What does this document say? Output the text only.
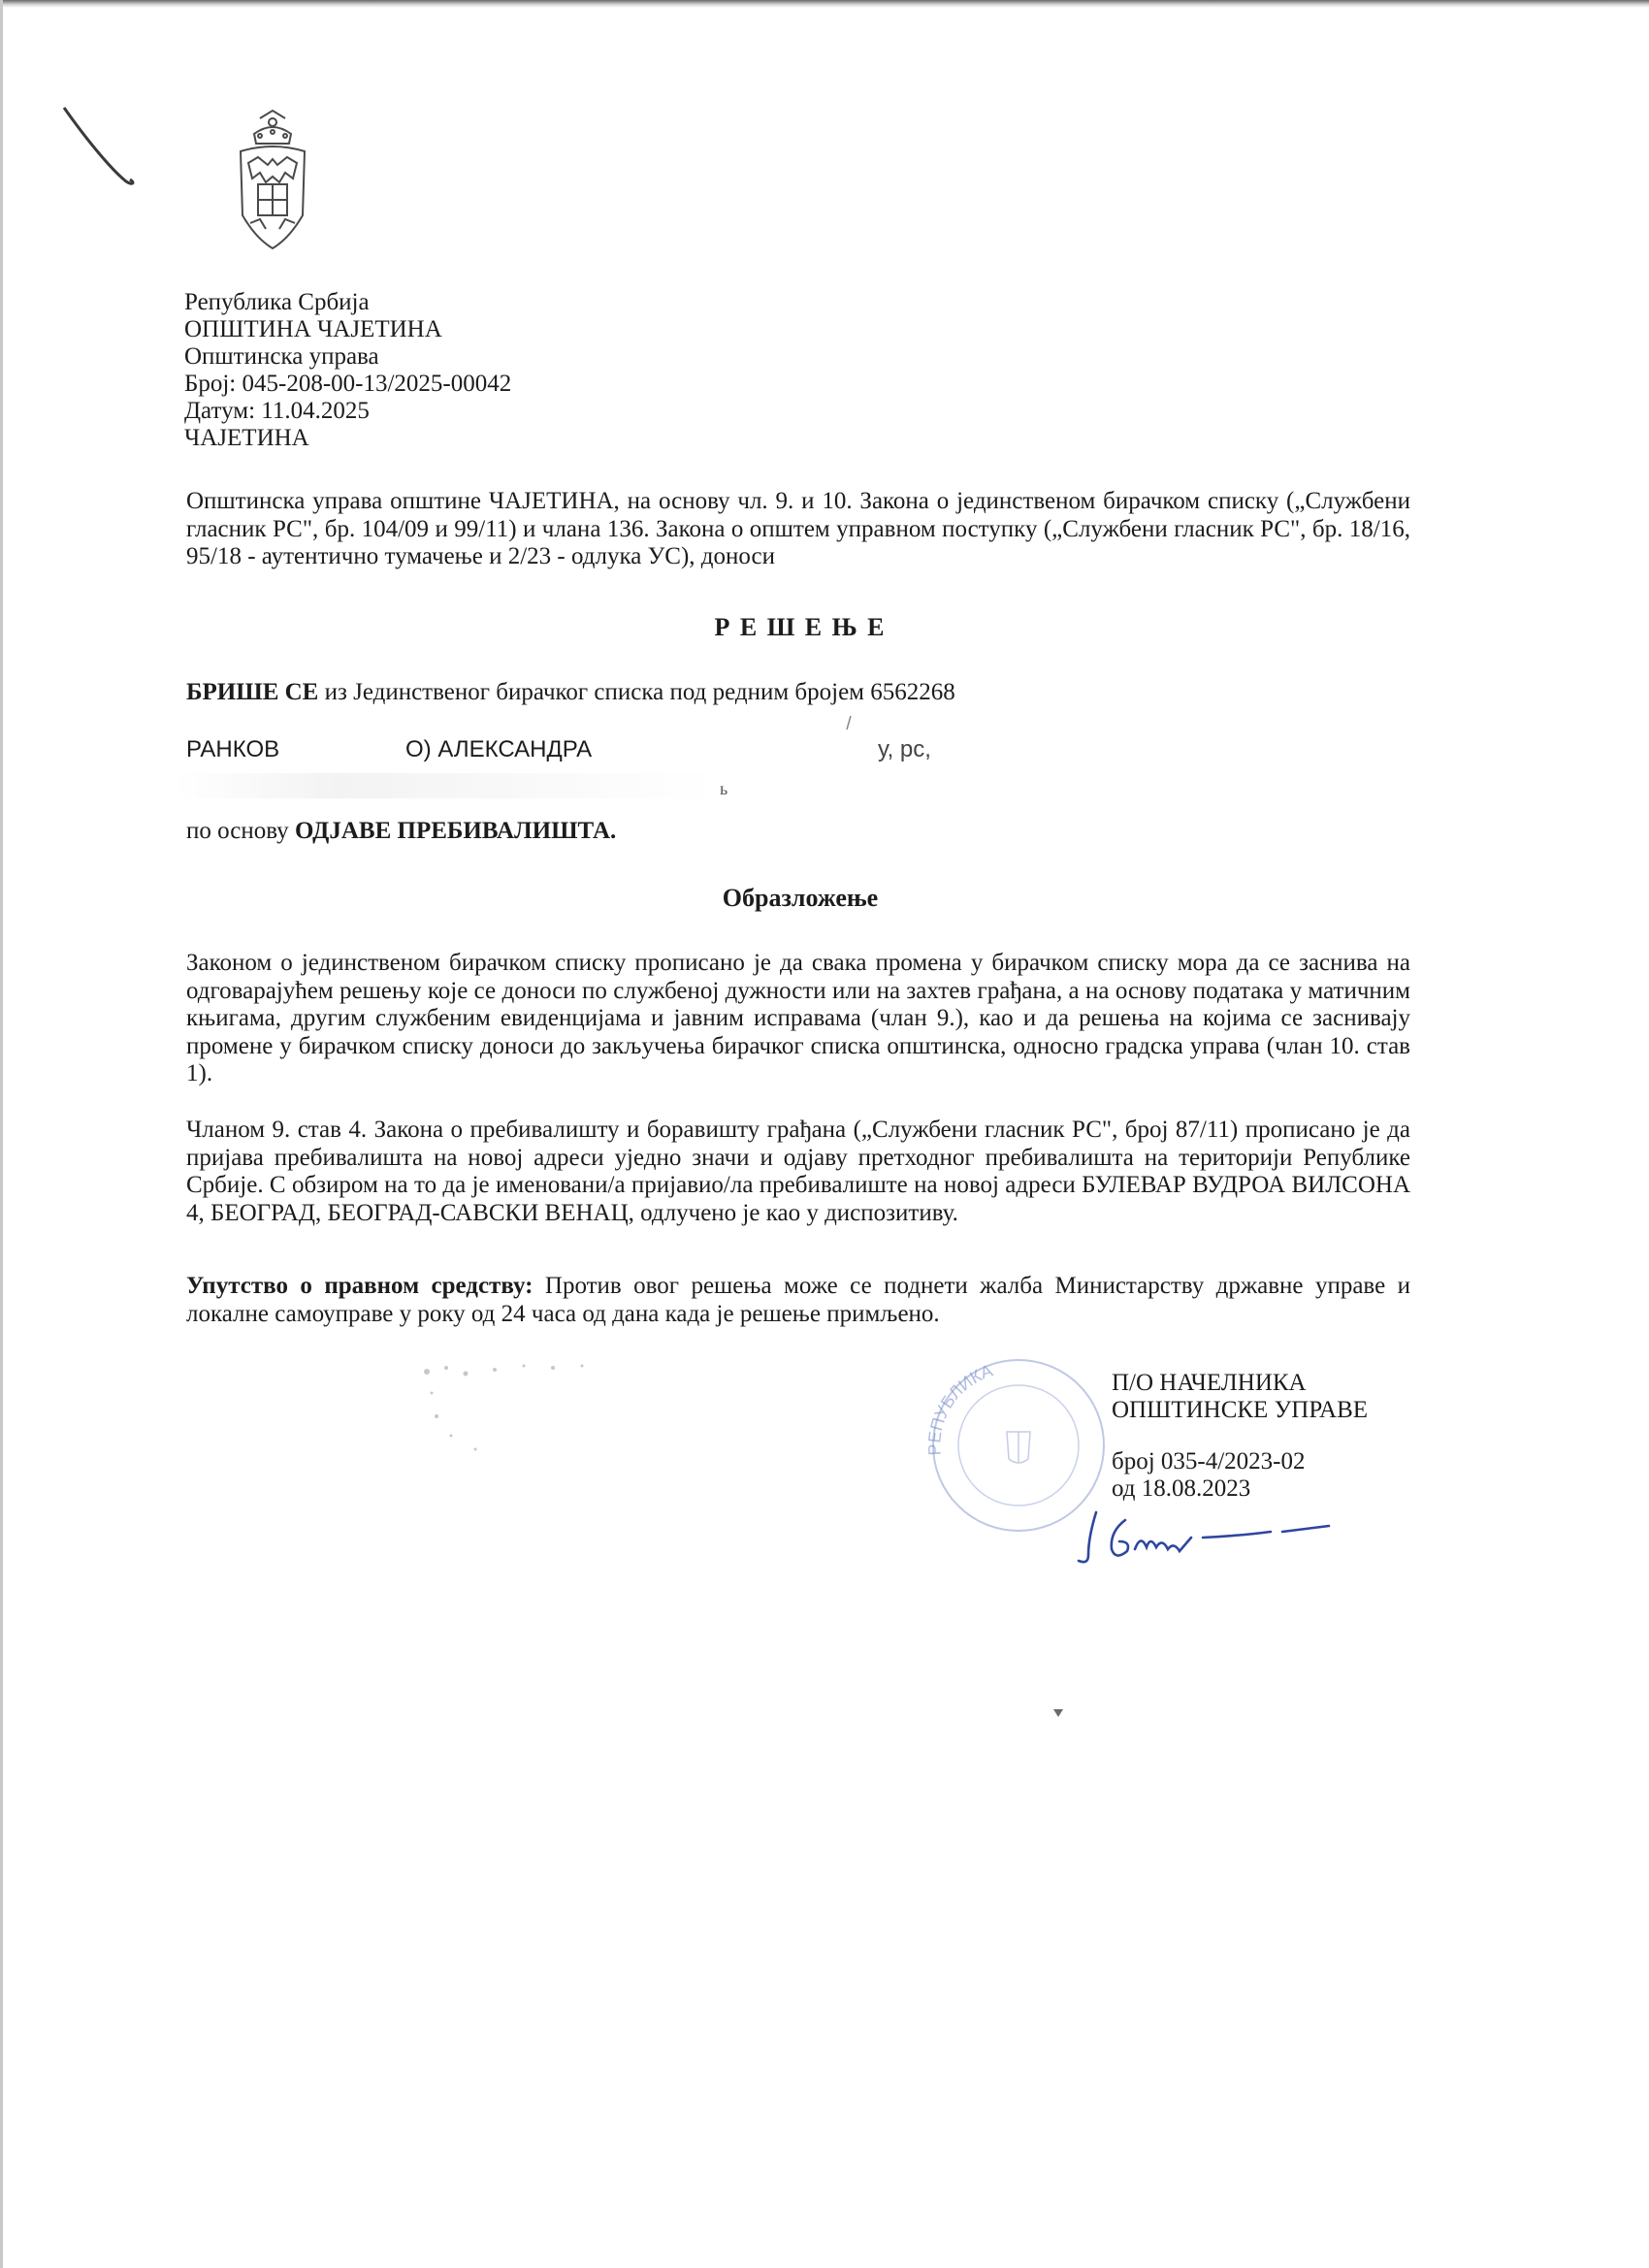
Република Србија
ОПШТИНА ЧАЈЕТИНА
Општинска управа
Број: 045-208-00-13/2025-00042
Датум: 11.04.2025
ЧАЈЕТИНА
Општинска управа општине ЧАЈЕТИНА, на основу чл. 9. и 10. Закона о јединственом бирачком списку („Службени гласник РС", бр. 104/09 и 99/11) и члана 136. Закона о општем управном поступку („Службени гласник РС", бр. 18/16, 95/18 - аутентично тумачење и 2/23 - одлука УС), доноси
Р Е Ш Е Њ Е
БРИШЕ СЕ из Јединственог бирачког списка под редним бројем 6562268
РАНКОВ	О) АЛЕКСАНДРА	у, рс,
ь
по основу ОДЈАВЕ ПРЕБИВАЛИШТА.
Образложење
Законом о јединственом бирачком списку прописано је да свака промена у бирачком списку мора да се заснива на одговарајућем решењу које се доноси по службеној дужности или на захтев грађана, а на основу података у матичним књигама, другим службеним евиденцијама и јавним исправама (члан 9.), као и да решења на којима се заснивају промене у бирачком списку доноси до закључења бирачког списка општинска, односно градска управа (члан 10. став 1).
Чланом 9. став 4. Закона о пребивалишту и боравишту грађана („Службени гласник РС", број 87/11) прописано је да пријава пребивалишта на новој адреси уједно значи и одјаву претходног пребивалишта на територији Републике Србије. С обзиром на то да је именовани/а пријавио/ла пребивалиште на новој адреси БУЛЕВАР ВУДРОА ВИЛСОНА 4, БЕОГРАД, БЕОГРАД-САВСКИ ВЕНАЦ, одлучено је као у диспозитиву.
Упутство о правном средству: Против овог решења може се поднети жалба Министарству државне управе и локалне самоуправе у року од 24 часа од дана када је решење примљено.
РЕПУБЛИКА	П/О НАЧЕЛНИКА
ОПШТИНСКЕ УПРАВЕ
број 035-4/2023-02
од 18.08.2023
